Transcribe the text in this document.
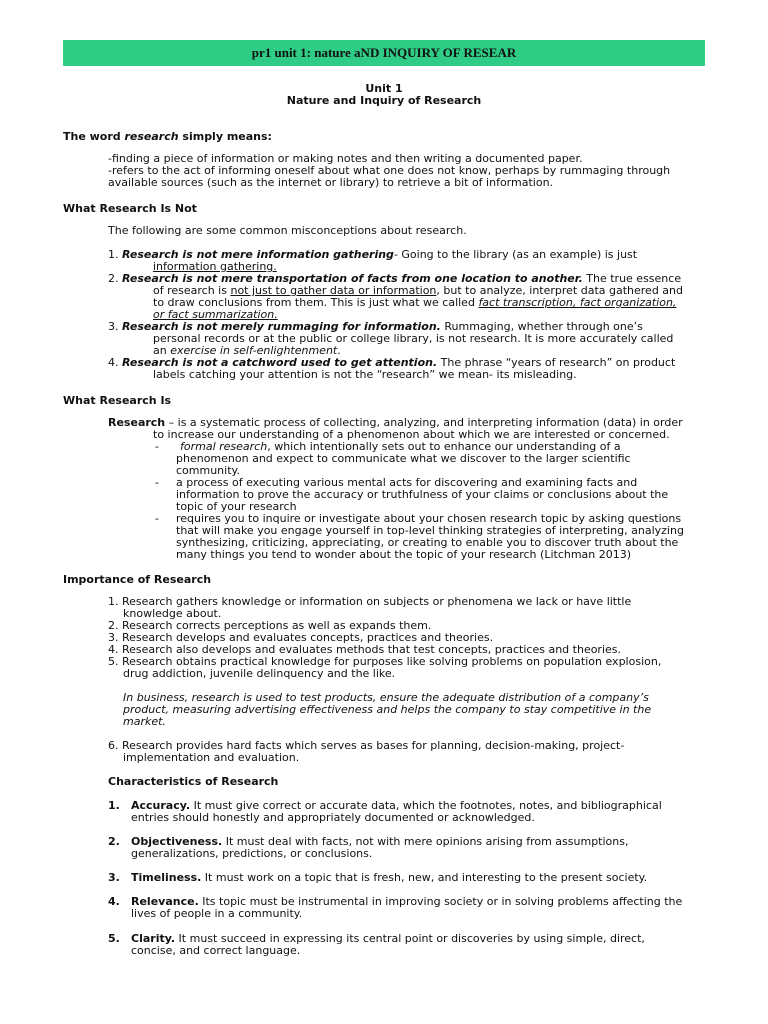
pr1 unit 1: nature aND INQUIRY OF RESEAR
Unit 1
Nature and Inquiry of Research
The word research simply means:
-finding a piece of information or making notes and then writing a documented paper.
-refers to the act of informing oneself about what one does not know, perhaps by rummaging through
available sources (such as the internet or library) to retrieve a bit of information.
What Research Is Not
The following are some common misconceptions about research.
1. Research is not mere information gathering- Going to the library (as an example) is just
information gathering.
2. Research is not mere transportation of facts from one location to another. The true essence
of research is not just to gather data or information, but to analyze, interpret data gathered and
to draw conclusions from them. This is just what we called fact transcription, fact organization,
or fact summarization.
3. Research is not merely rummaging for information. Rummaging, whether through one’s
personal records or at the public or college library, is not research. It is more accurately called
an exercise in self-enlightenment.
4. Research is not a catchword used to get attention. The phrase “years of research” on product
labels catching your attention is not the “research” we mean- its misleading.
What Research Is
Research – is a systematic process of collecting, analyzing, and interpreting information (data) in order
to increase our understanding of a phenomenon about which we are interested or concerned.
- formal research, which intentionally sets out to enhance our understanding of a
phenomenon and expect to communicate what we discover to the larger scientific
community.
- a process of executing various mental acts for discovering and examining facts and
information to prove the accuracy or truthfulness of your claims or conclusions about the
topic of your research
- requires you to inquire or investigate about your chosen research topic by asking questions
that will make you engage yourself in top-level thinking strategies of interpreting, analyzing
synthesizing, criticizing, appreciating, or creating to enable you to discover truth about the
many things you tend to wonder about the topic of your research (Litchman 2013)
Importance of Research
1. Research gathers knowledge or information on subjects or phenomena we lack or have little
knowledge about.
2. Research corrects perceptions as well as expands them.
3. Research develops and evaluates concepts, practices and theories.
4. Research also develops and evaluates methods that test concepts, practices and theories.
5. Research obtains practical knowledge for purposes like solving problems on population explosion,
drug addiction, juvenile delinquency and the like.
In business, research is used to test products, ensure the adequate distribution of a company’s
product, measuring advertising effectiveness and helps the company to stay competitive in the
market.
6. Research provides hard facts which serves as bases for planning, decision-making, project-
implementation and evaluation.
Characteristics of Research
1. Accuracy. It must give correct or accurate data, which the footnotes, notes, and bibliographical
entries should honestly and appropriately documented or acknowledged.
2. Objectiveness. It must deal with facts, not with mere opinions arising from assumptions,
generalizations, predictions, or conclusions.
3. Timeliness. It must work on a topic that is fresh, new, and interesting to the present society.
4. Relevance. Its topic must be instrumental in improving society or in solving problems affecting the
lives of people in a community.
5. Clarity. It must succeed in expressing its central point or discoveries by using simple, direct,
concise, and correct language.
